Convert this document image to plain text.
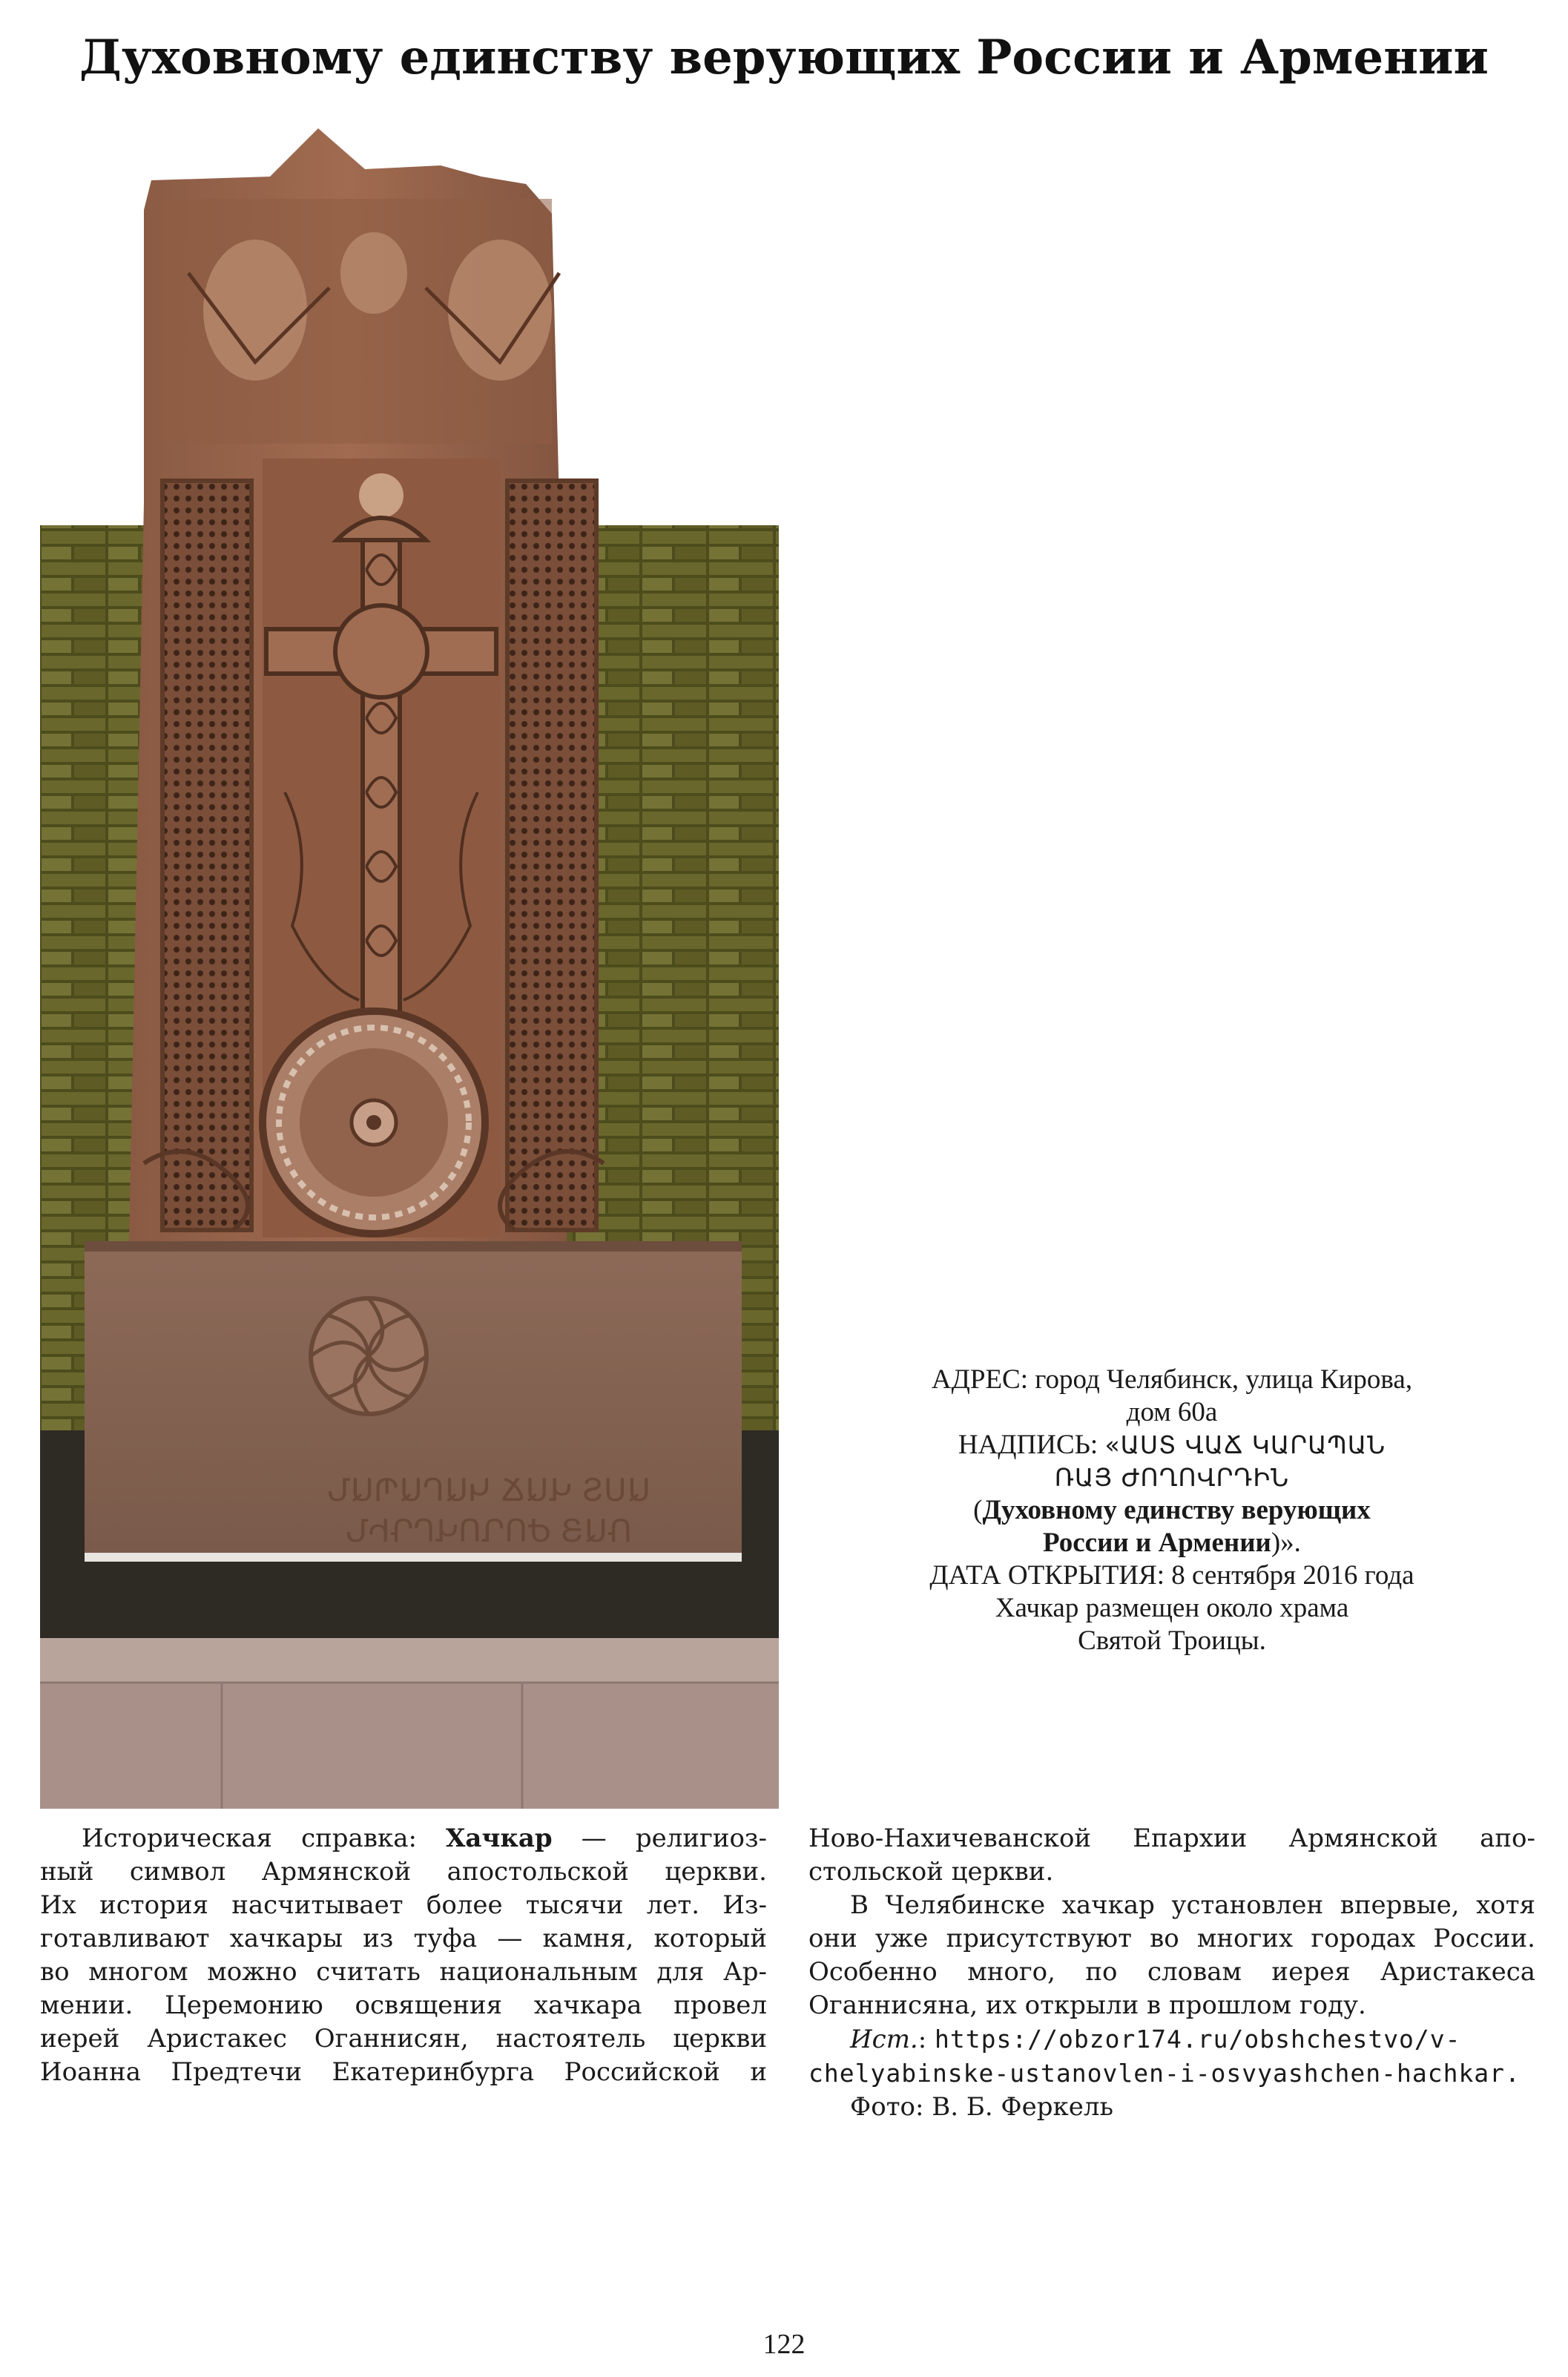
Духовному единству верующих России и Армении
ԱՍՏ ՎԱՃ ԿԱՐԱՊԱՆ
ՌԱՅ ԺՈՂՈՎՐԴԻՆ
АДРЕС: город Челябинск, улица Кирова,
дом 60а
НАДПИСЬ: «ԱՍՏ ՎԱՃ ԿԱՐԱՊԱՆ
ՌԱՅ ԺՈՂՈՎՐԴԻՆ
(Духовному единству верующих
России и Армении)».
ДАТА ОТКРЫТИЯ: 8 сентября 2016 года
Хачкар размещен около храма
Святой Троицы.
Историческая справка: Хачкар — религиоз-
ный символ Армянской апостольской церкви.
Их история насчитывает более тысячи лет. Из-
готавливают хачкары из туфа — камня, который
во многом можно считать национальным для Ар-
мении. Церемонию освящения хачкара провел
иерей Аристакес Оганнисян, настоятель церкви
Иоанна Предтечи Екатеринбурга Российской и
Ново-Нахичеванской Епархии Армянской апо-
стольской церкви.
В Челябинске хачкар установлен впервые, хотя
они уже присутствуют во многих городах России.
Особенно много, по словам иерея Аристакеса
Оганнисяна, их открыли в прошлом году.
Ист.: https://obzor174.ru/obshchestvo/v-
chelyabinske-ustanovlen-i-osvyashchen-hachkar.
Фото: В. Б. Феркель
122
